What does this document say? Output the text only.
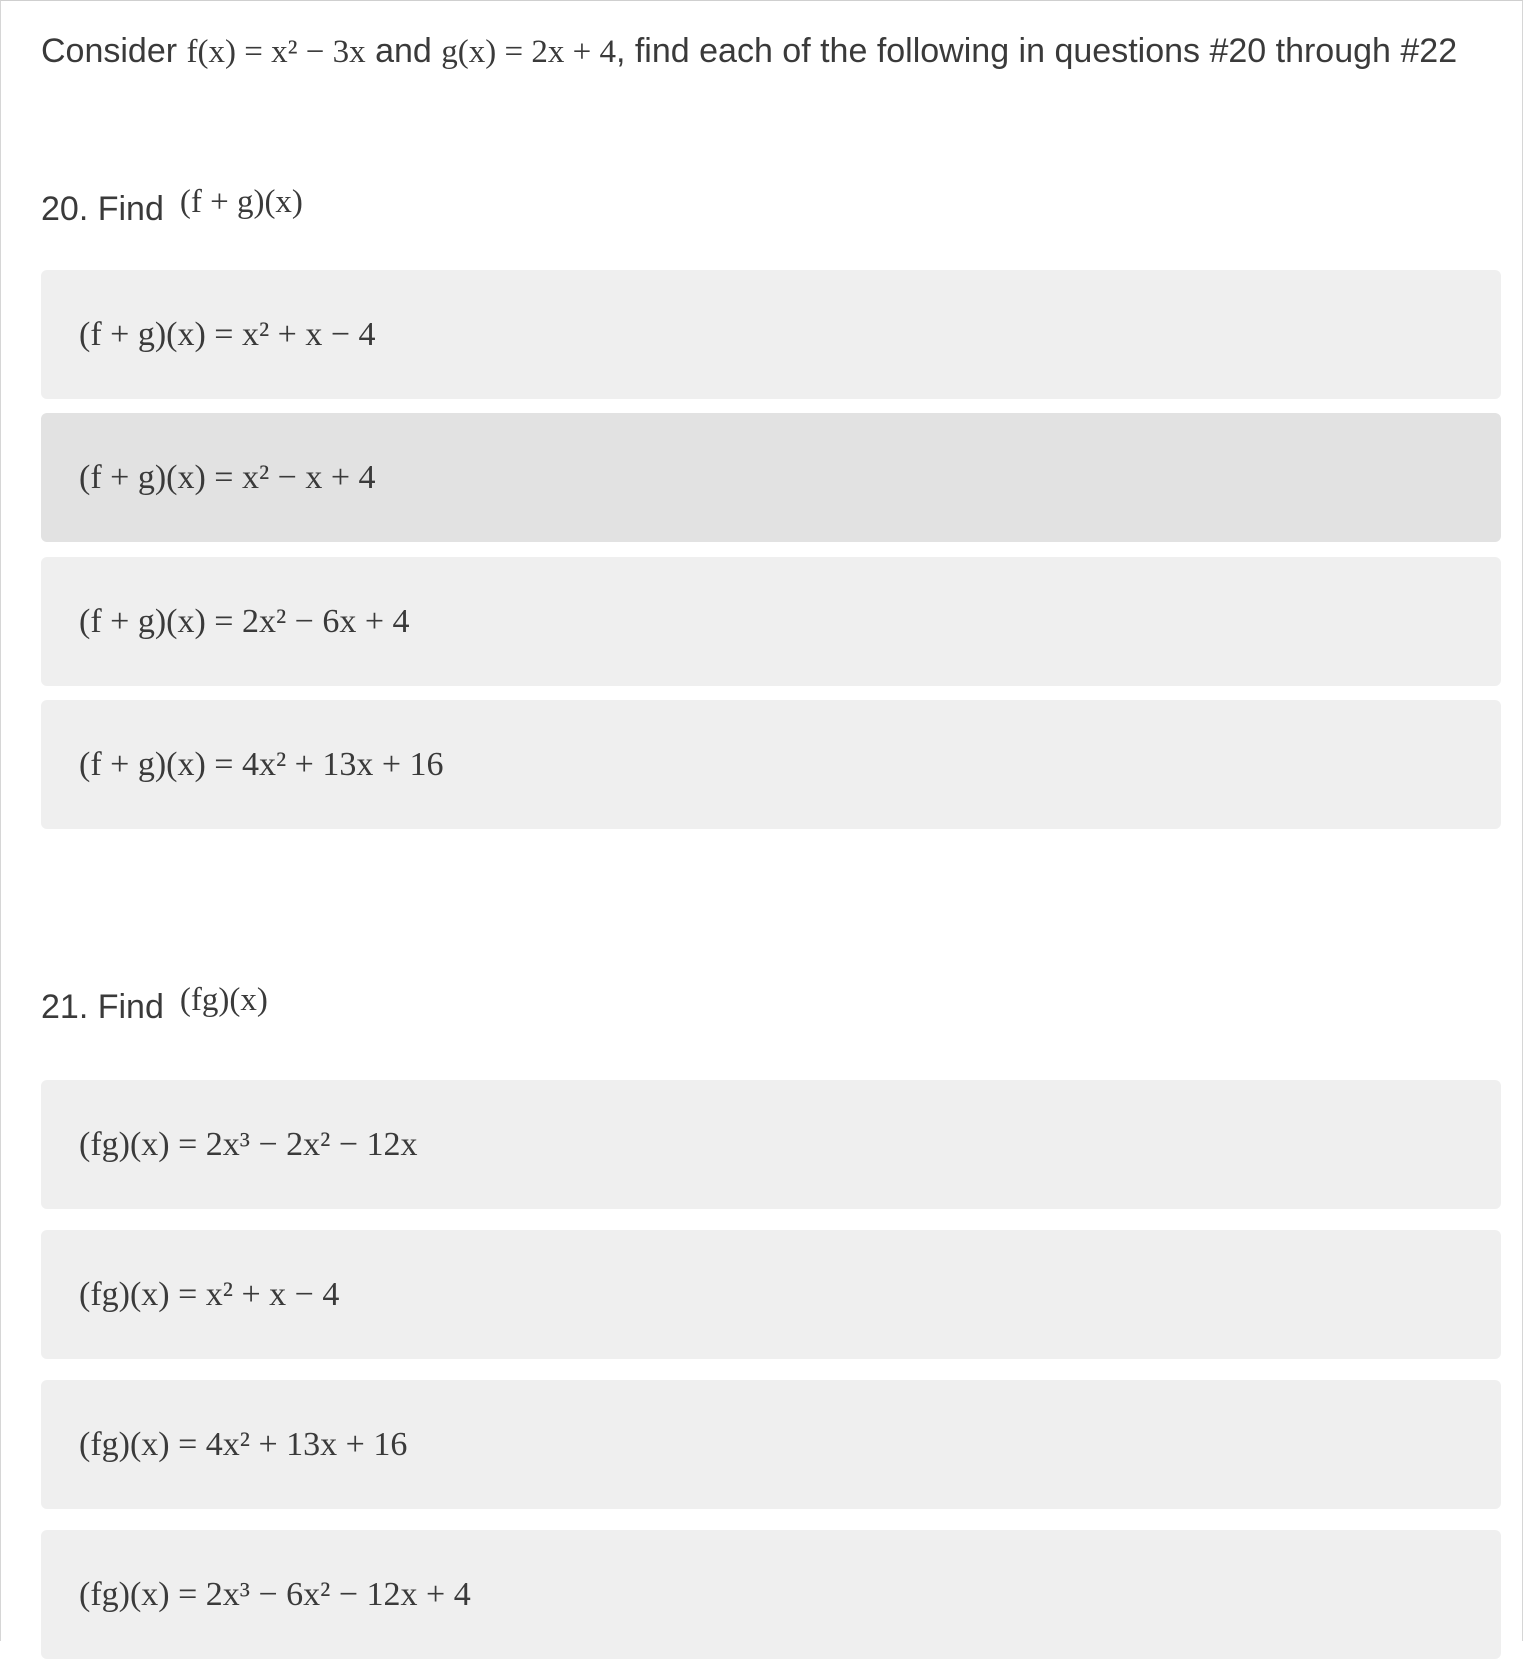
Consider f(x) = x² − 3x and g(x) = 2x + 4, find each of the following in questions #20 through #22
20. Find (f + g)(x)
(f + g)(x) = x² + x − 4
(f + g)(x) = x² − x + 4
(f + g)(x) = 2x² − 6x + 4
(f + g)(x) = 4x² + 13x + 16
21. Find (fg)(x)
(fg)(x) = 2x³ − 2x² − 12x
(fg)(x) = x² + x − 4
(fg)(x) = 4x² + 13x + 16
(fg)(x) = 2x³ − 6x² − 12x + 4
